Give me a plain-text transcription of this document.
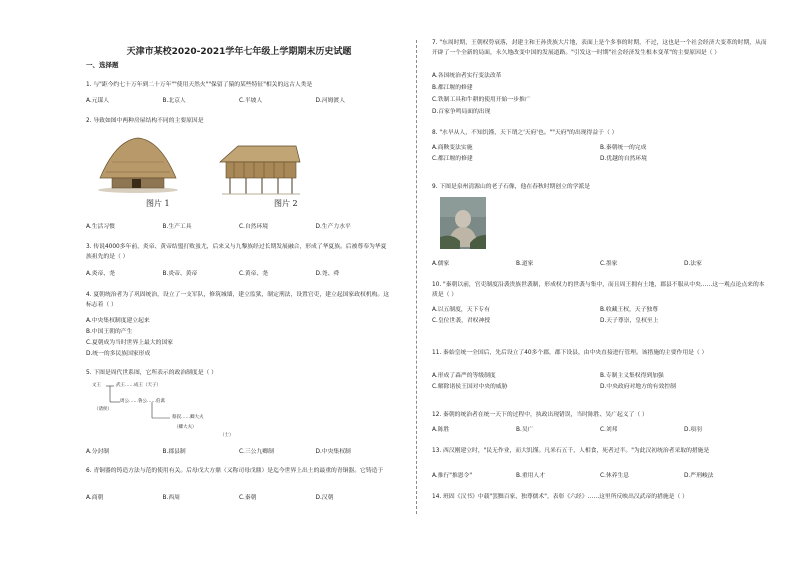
天津市某校2020-2021学年七年级上学期期末历史试题
一、选择题
1. 与"距今约七十万年到二十万年""使用天然火""保留了猿的某些特征"相关的远古人类是
A.元谋人	B.北京人	C.半坡人	D.河姆渡人
2. 导致如图中两种房屋结构不同的主要原因是
图片 1	图片 2
A.生活习惯	B.生产工具	C.自然环境	D.生产力水平
3. 传说4000多年前，炎帝、黄帝结盟打败蚩尤，后来又与九黎族经过长期发展融合，形成了华夏族。后被尊奉为华夏族祖先的是（ ）
A.炎帝、尧	B.炎帝、黄帝	C.黄帝、尧	D.尧、舜
4. 夏朝统治者为了巩固统治，设立了一支军队，修筑城墙，建立监狱，制定刑法，设置官吏，建立起国家政权机构。这标志着（ ）
A.中央集权制度建立起来
B.中国王朝的产生
C.夏朝成为当时世界上最大的国家
D.统一的多民族国家形成
5. 下图是周代世系图，它所表示的政治制度是（ ）
文王	武王……成王（天子）
周公……鲁公……伯禽
（诸侯）
蔡叔……卿大夫
（卿大夫）
（士）
A.分封制	B.郡县制	C.三公九卿制	D.中央集权制
6. 青铜器的铸造方法与范的使用有关。后母戊大方鼎（又称司母戊鼎）是迄今世界上出土的最重的青铜器。它铸造于
A.商朝	B.西周	C.秦朝	D.汉朝
7. "东周时期，王朝权势衰落，封建主和王孙贵族大片地，表面上是个多事的时期，不过，这也是一个社会经济大变革的时期，从而开辟了一个全新的局面，永久地改变中国的发展道路。"引发这一时期"社会经济发生根本变革"的主要原因是（ ）
A.各国统治者实行变法改革
B.都江堰的修建
C.铁制工具和牛耕的使用开始一步推广
D.百家争鸣局面的出现
8. "水旱从人，不知饥馑，天下谓之'天府'也。""天府"的出现得益于（ ）
A.商鞅变法实施	B.秦朝统一的完成
C.都江堰的修建	D.优越的自然环境
9. 下图是泉州清源山的老子石像，他在春秋时期创立的学派是
A.儒家	B.道家	C.墨家	D.法家
10. "秦朝以前，官吏制度沿袭贵族世袭制，形成权力的世袭与集中，而且周王拥有土地，郡县不服从中央……这一观点论点来的本质是（ ）
A.以五制度，天下专有	B.收藏王权，天子独尊
C.皇位世袭，君权神授	D.天子尊崇，皇权至上
11. 秦始皇统一全国后，先后设立了40多个郡，郡下设县，由中央直接进行管理。该措施的主要作用是（ ）
A.形成了森严的等级制度	B.专制主义集权得到加强
C.解除诸侯王国对中央的威胁	D.中央政府对地方的有效控制
12. 秦朝的统治者在统一天下的过程中，执政出现错误，当时陈胜、吴广起义了（ ）
A.陈胜	B.吴广	C.刘邦	D.项羽
13. 西汉刚建立时，"民无作业，而大饥馑。凡米石五千，人相食，死者过半。"为此汉初统治者采取的措施是
A.推行"推恩令"	B.重用人才	C.休养生息	D.严刑峻法
14. 班固《汉书》中载"罢黜百家，独尊儒术"，表彰《六经》……这里所反映出汉武帝的措施是（ ）
